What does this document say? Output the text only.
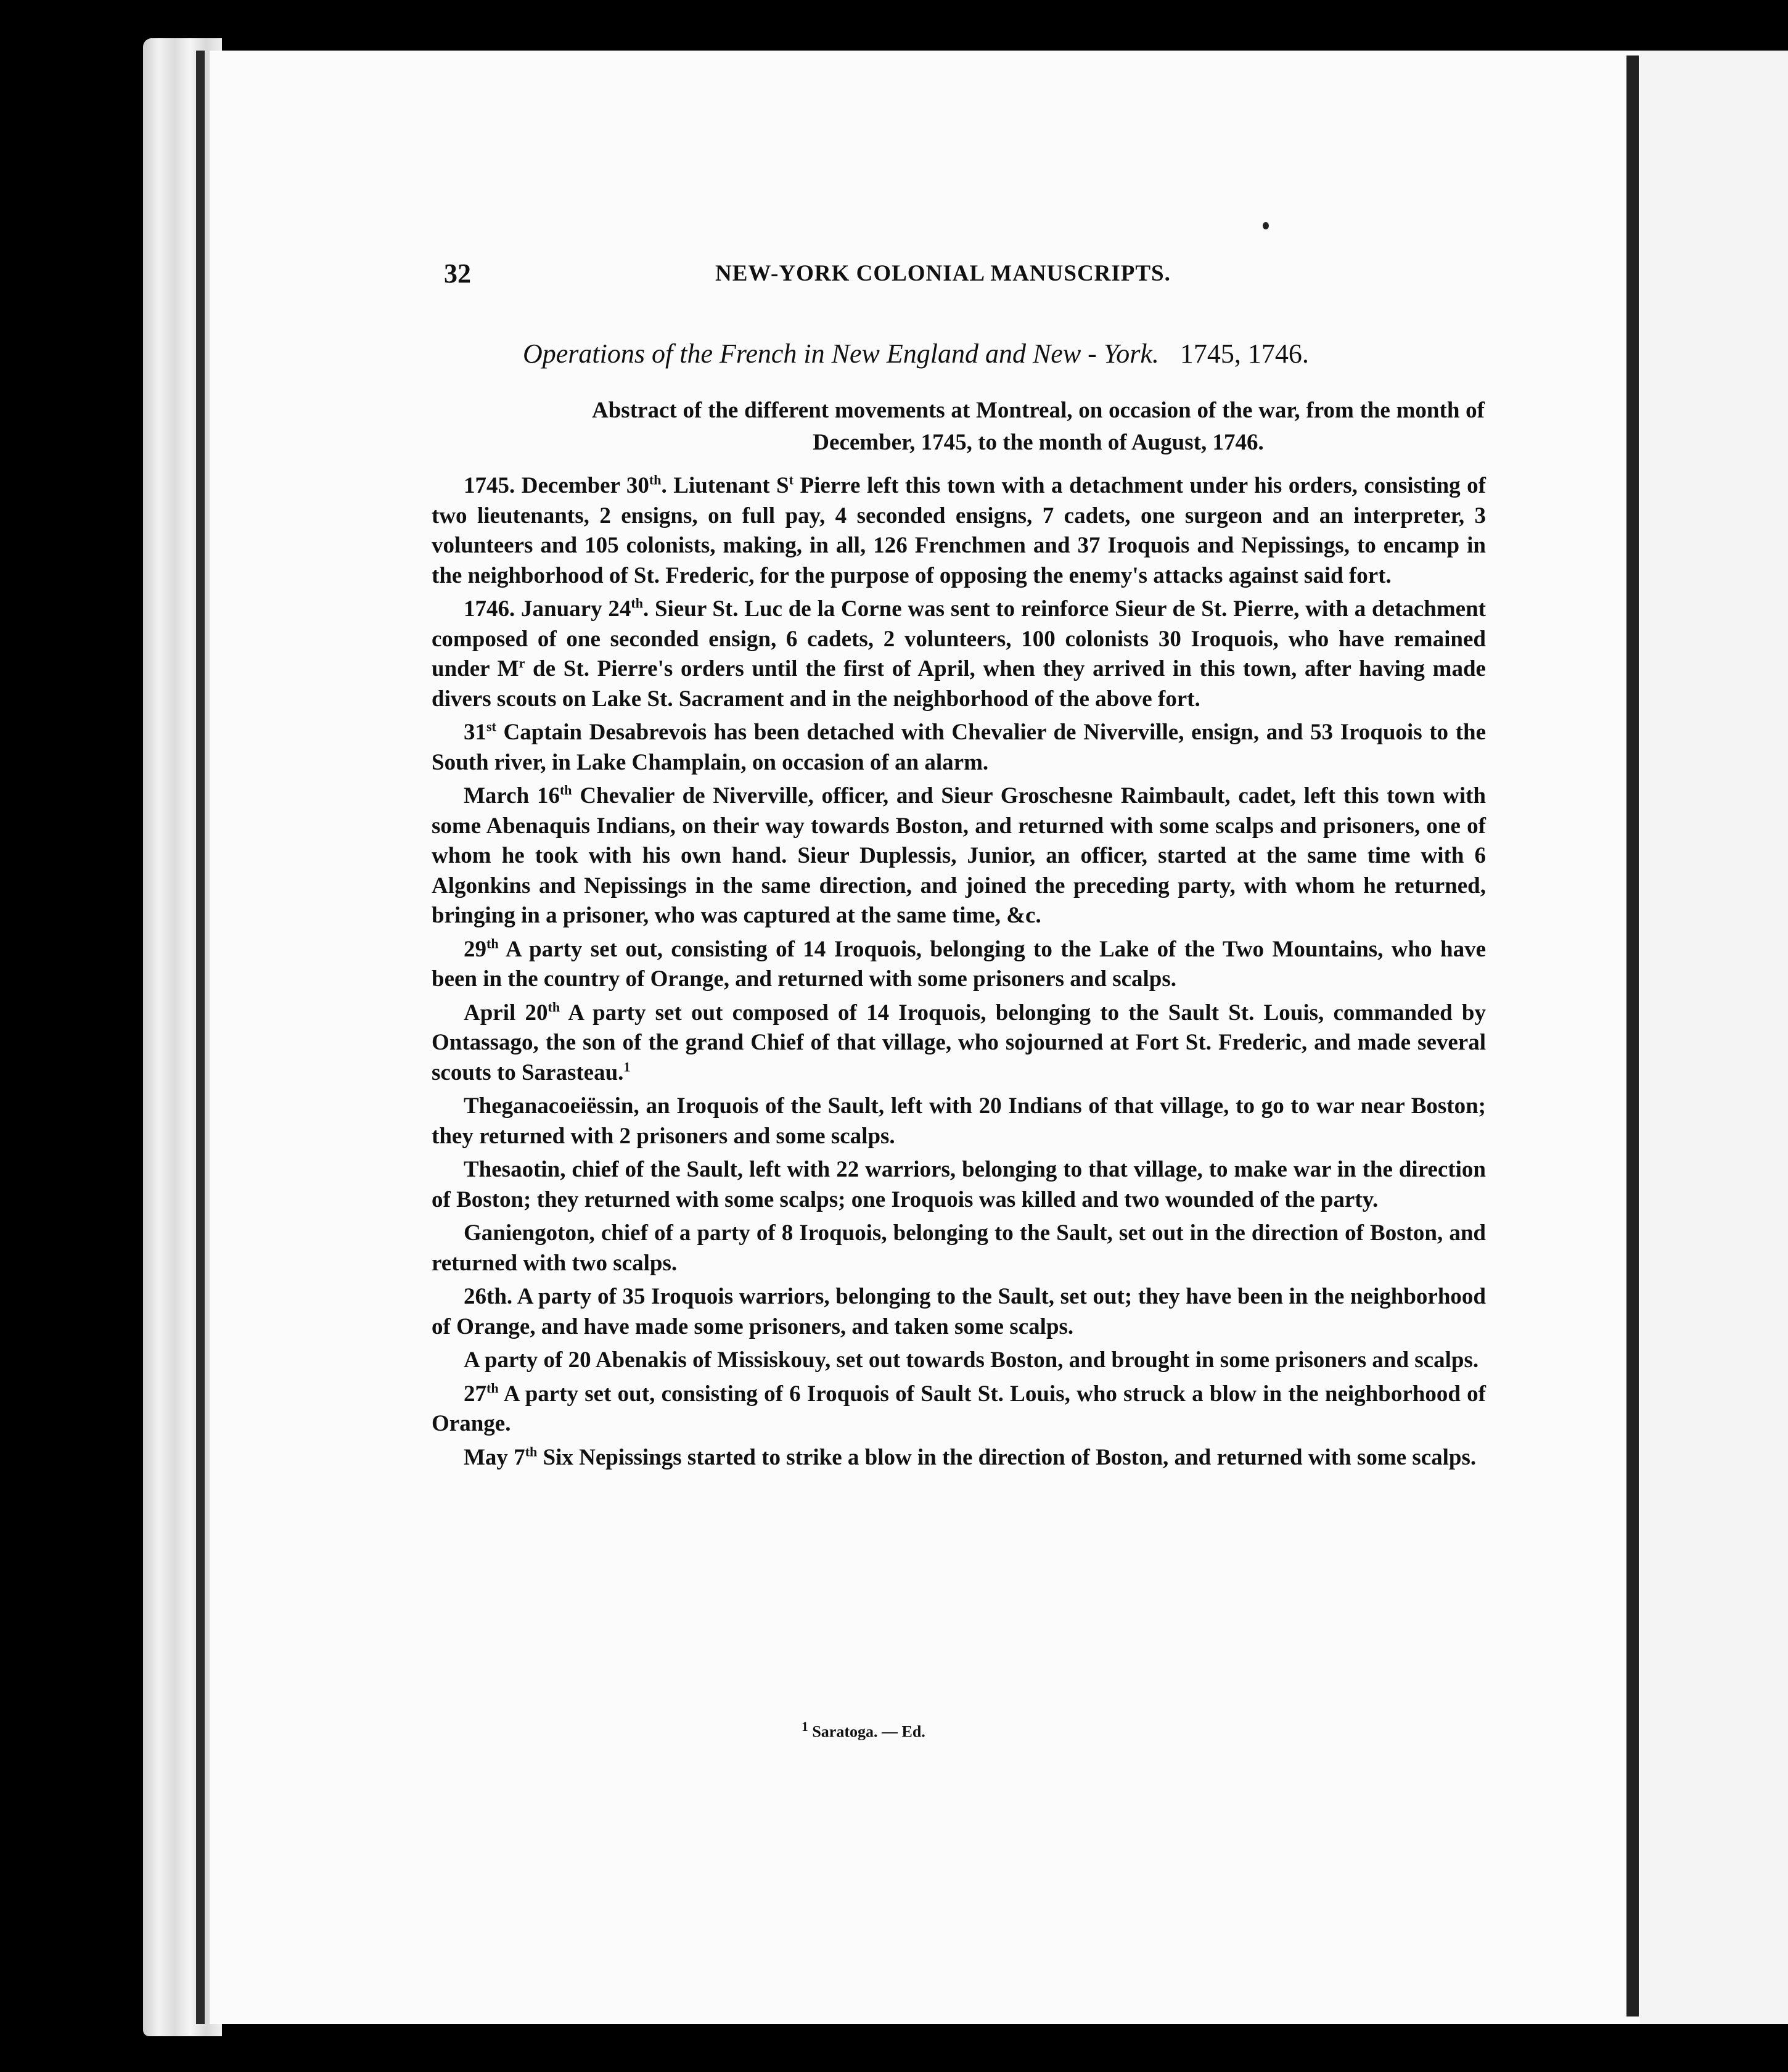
32	NEW-YORK COLONIAL MANUSCRIPTS.
Operations of the French in New England and New - York. 1745, 1746.
Abstract of the different movements at Montreal, on occasion of the war, from the month of December, 1745, to the month of August, 1746.

1745. December 30th. Liutenant $S^t$ Pierre left this town with a detachment under his orders, consisting of two lieutenants, 2 ensigns, on full pay, 4 seconded ensigns, 7 cadets, one surgeon and an interpreter, 3 volunteers and 105 colonists, making, in all, 126 Frenchmen and 37 Iroquois and Nepissings, to encamp in the neighborhood of St. Frederic, for the purpose of opposing the enemy's attacks against said fort.

1746. January 24th. Sieur St. Luc de la Corne was sent to reinforce Sieur de St. Pierre, with a detachment composed of one seconded ensign, 6 cadets, 2 volunteers, 100 colonists 30 Iroquois, who have remained under $M^r$ de St. Pierre's orders until the first of April, when they arrived in this town, after having made divers scouts on Lake St. Sacrament and in the neighborhood of the above fort.

31st Captain Desabrevois has been detached with Chevalier de Niverville, ensign, and 53 Iroquois to the South river, in Lake Champlain, on occasion of an alarm.

March 16th Chevalier de Niverville, officer, and Sieur Groschesne Raimbault, cadet, left this town with some Abenaquis Indians, on their way towards Boston, and returned with some scalps and prisoners, one of whom he took with his own hand. Sieur Duplessis, Junior, an officer, started at the same time with 6 Algonkins and Nepissings in the same direction, and joined the preceding party, with whom he returned, bringing in a prisoner, who was captured at the same time, &c.

29th A party set out, consisting of 14 Iroquois, belonging to the Lake of the Two Mountains, who have been in the country of Orange, and returned with some prisoners and scalps.

April 20th A party set out composed of 14 Iroquois, belonging to the Sault St. Louis, commanded by Ontassago, the son of the grand Chief of that village, who sojourned at Fort St. Frederic, and made several scouts to Sarasteau.$^1$

Theganacoeiëssin, an Iroquois of the Sault, left with 20 Indians of that village, to go to war near Boston; they returned with 2 prisoners and some scalps.

Thesaotin, chief of the Sault, left with 22 warriors, belonging to that village, to make war in the direction of Boston; they returned with some scalps; one Iroquois was killed and two wounded of the party.

Ganiengoton, chief of a party of 8 Iroquois, belonging to the Sault, set out in the direction of Boston, and returned with two scalps.

26th. A party of 35 Iroquois warriors, belonging to the Sault, set out; they have been in the neighborhood of Orange, and have made some prisoners, and taken some scalps.

A party of 20 Abenakis of Missiskouy, set out towards Boston, and brought in some prisoners and scalps.

27th A party set out, consisting of 6 Iroquois of Sault St. Louis, who struck a blow in the neighborhood of Orange.

May 7th Six Nepissings started to strike a blow in the direction of Boston, and returned with some scalps.

$^1$ Saratoga. — Ed.
